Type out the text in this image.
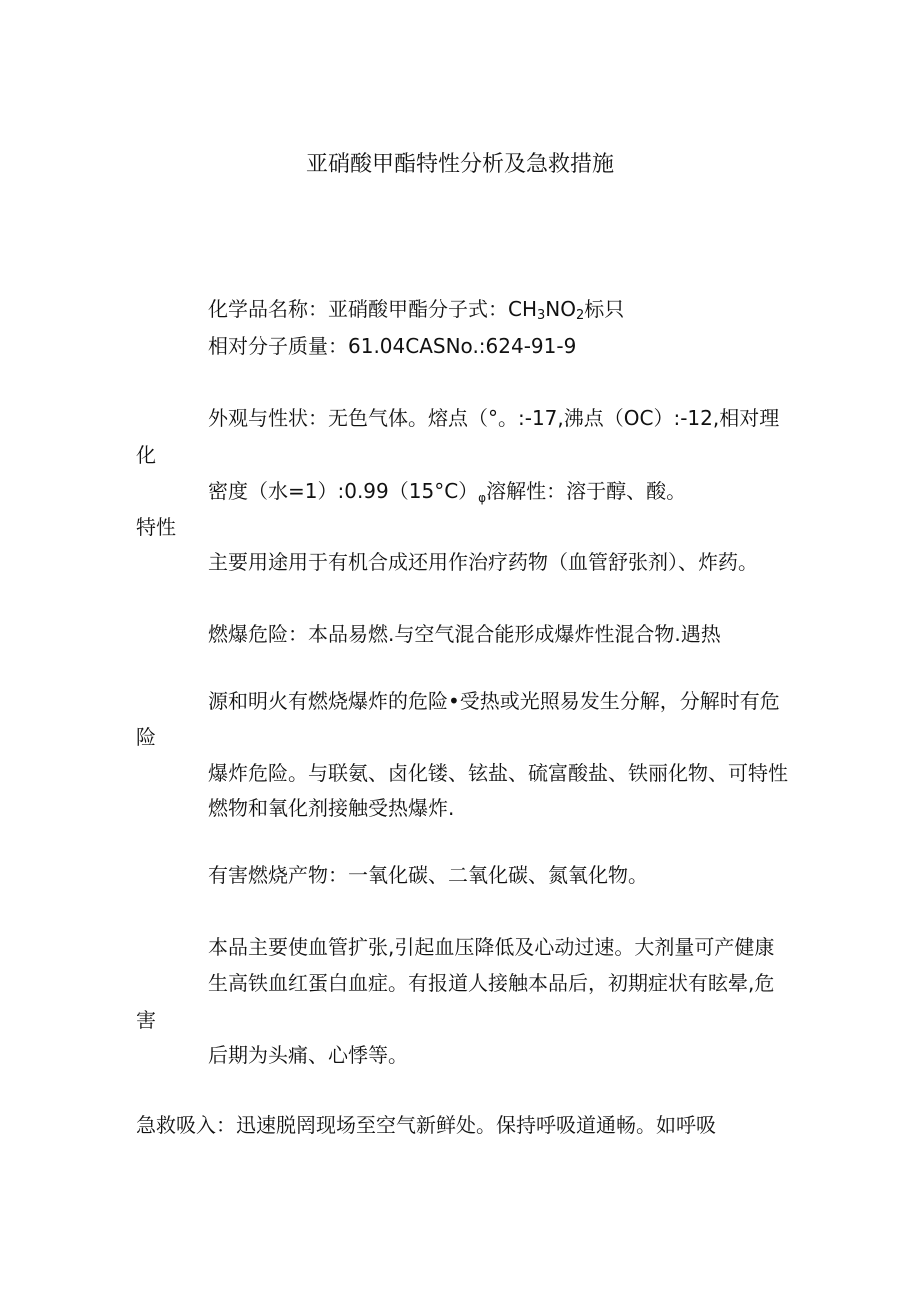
亚硝酸甲酯特性分析及急救措施
化学品名称：亚硝酸甲酯分子式：$CH_3NO_2$标只
相对分子质量：61.04CASNo.:624-91-9
外观与性状：无色气体。熔点（°。:-17,沸点（OC）:-12,相对理
化
密度（水$=1):0.99(15^\circ C)_\varphi$溶解性：溶于醇、酸。
特性
主要用途用于有机合成还用作治疗药物（血管舒张剂）、炸药。
燃爆危险：本品易燃.与空气混合能形成爆炸性混合物.遇热
源和明火有燃烧爆炸的危险•受热或光照易发生分解，分解时有危
险
爆炸危险。与联氨、卤化镂、铉盐、硫富酸盐、铁丽化物、可特性
燃物和氧化剂接触受热爆炸.
有害燃烧产物：一氧化碳、二氧化碳、氮氧化物。
本品主要使血管扩张,引起血压降低及心动过速。大剂量可产健康
生高铁血红蛋白血症。有报道人接触本品后，初期症状有眩晕,危
害
后期为头痛、心悸等。
急救吸入：迅速脱罔现场至空气新鲜处。保持呼吸道通畅。如呼吸
